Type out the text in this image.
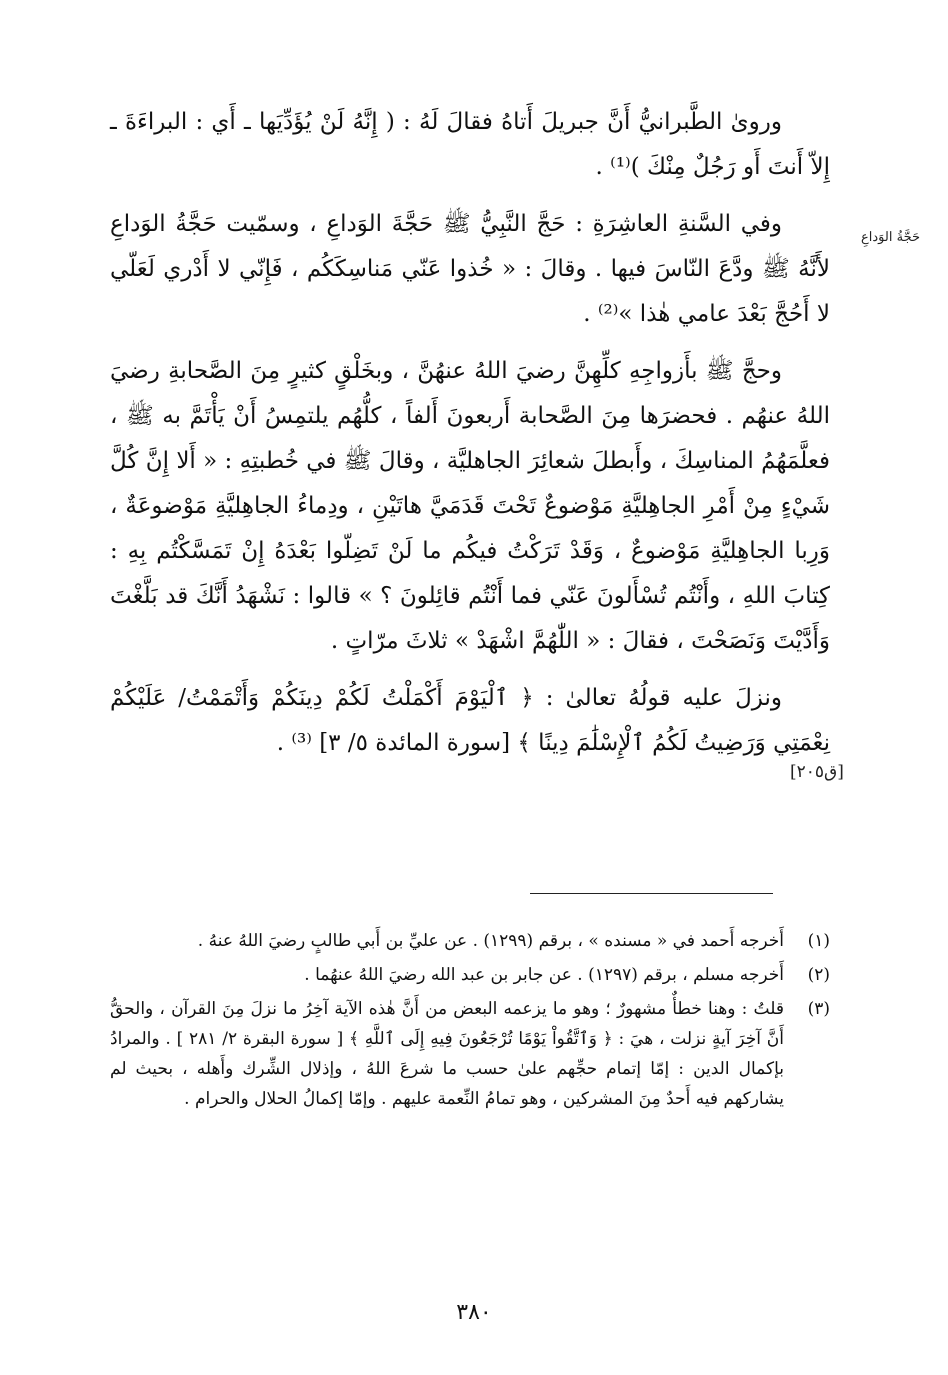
حَجَّةُ الوَداعِ
[ق٢٠٥]

ورویٰ الطَّبرانيُّ أَنَّ جبريلَ أَتاهُ فقالَ لَهُ : ( إِنَّهُ لَنْ يُؤَدِّيَها ـ أَي : البراءَةَ ـ إِلاّ أَنتَ أَو رَجُلٌ مِنْكَ )⁽¹⁾ .

وفي السَّنةِ العاشِرَةِ : حَجَّ النَّبِيُّ ﷺ حَجَّةَ الوَداعِ ، وسمّيت حَجَّةُ الوَداعِ لأَنَّهُ ﷺ ودَّعَ النّاسَ فيها . وقالَ : « خُذوا عَنّي مَناسِكَكُم ، فَإِنّي لا أَدْري لَعَلّي لا أَحُجَّ بَعْدَ عامي هٰذا »⁽²⁾ .

وحجَّ ﷺ بأَزواجِهِ كلِّهِنَّ رضيَ اللهُ عنهُنَّ ، وبخَلْقٍ كثيرٍ مِنَ الصَّحابةِ رضيَ اللهُ عنهُم . فحضرَها مِنَ الصَّحابة أَربعونَ أَلفاً ، كلُّهُم يلتمِسُ أَنْ يَأْتَمَّ به ﷺ ، فعلَّمَهُمُ المناسِكَ ، وأَبطلَ شعائِرَ الجاهليَّة ، وقالَ ﷺ في خُطبتِهِ : « أَلا إِنَّ كُلَّ شَيْءٍ مِنْ أَمْرِ الجاهِليَّةِ مَوْضوعٌ تَحْتَ قَدَمَيَّ هاتَيْنِ ، ودِماءُ الجاهِليَّةِ مَوْضوعَةٌ ، وَرِبا الجاهِليَّةِ مَوْضوعٌ ، وَقَدْ تَرَكْتُ فيكُم ما لَنْ تَضِلّوا بَعْدَهُ إِنْ تَمَسَّكْتُم بِهِ : كِتابَ اللهِ ، وأَنْتُم تُسْأَلونَ عَنّي فما أَنْتُم قائِلونَ ؟ » قالوا : نَشْهَدُ أَنَّكَ قد بَلَّغْتَ وَأَدَّيْتَ وَنَصَحْتَ ، فقالَ : « اللّٰهُمَّ اشْهَدْ » ثلاثَ مرّاتٍ .

ونزلَ عليه قولُهُ تعالىٰ : ﴿ ٱلْيَوْمَ أَكْمَلْتُ لَكُمْ دِينَكُمْ وَأَتْمَمْتُ/ عَلَيْكُمْ نِعْمَتِي وَرَضِيتُ لَكُمُ ٱلْإِسْلَٰمَ دِينًا ﴾ [سورة المائدة ٥/ ٣] ⁽³⁾ .

(١)
أَخرجه أَحمد في « مسنده » ، برقم (١٢٩٩) . عن عليِّ بن أَبي طالبٍ رضيَ اللهُ عنهُ .
(٢)
أَخرجه مسلم ، برقم (١٢٩٧) . عن جابر بن عبد الله رضيَ اللهُ عنهُما .
(٣)
قلتُ : وهنا خطأٌ مشهورٌ ؛ وهو ما يزعمه البعض من أَنَّ هٰذه الآية آخِرُ ما نزلَ مِنَ القرآن ، والحقُّ أَنَّ آخِرَ آيةٍ نزلت ، هيَ : ﴿ وَٱتَّقُواْ يَوْمًا تُرْجَعُونَ فِيهِ إِلَى ٱللَّهِ ﴾ [ سورة البقرة ٢/ ٢٨١ ] . والمرادُ بإكمال الدين : إمّا إتمام حجِّهم علىٰ حسب ما شرعَ اللهُ ، وإذلال الشِّرك وأَهله ، بحيث لم يشاركهم فيه أَحدٌ مِنَ المشركين ، وهو تمامُ النِّعمة عليهم . وإمّا إكمالُ الحلال والحرام .
٣٨٠
